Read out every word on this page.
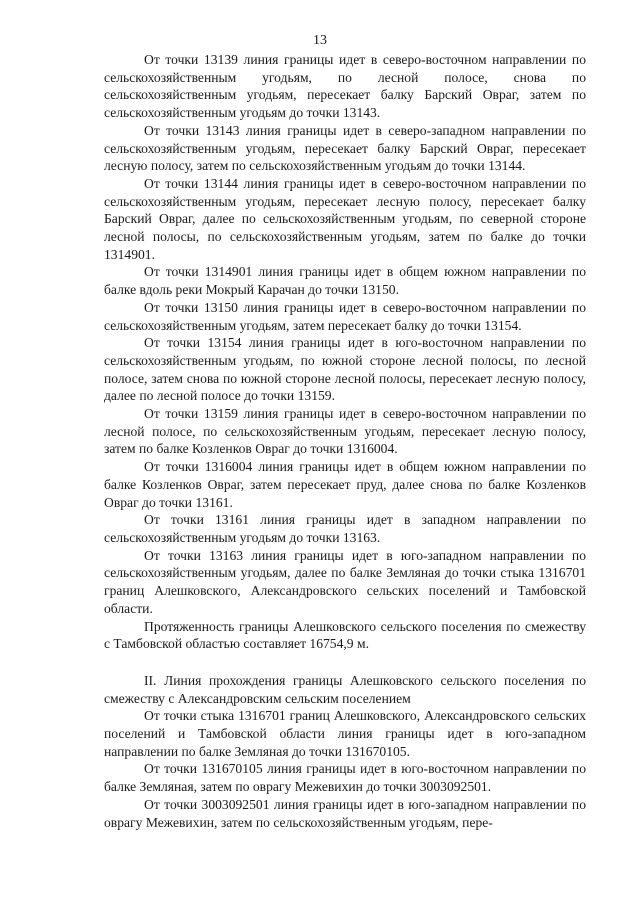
13

От точки 13139 линия границы идет в северо-восточном направлении по сельскохозяйственным угодьям, по лесной полосе, снова по сельскохозяйственным угодьям, пересекает балку Барский Овраг, затем по сельскохозяйственным угодьям до точки 13143.

От точки 13143 линия границы идет в северо-западном направлении по сельскохозяйственным угодьям, пересекает балку Барский Овраг, пересекает лесную полосу, затем по сельскохозяйственным угодьям до точки 13144.

От точки 13144 линия границы идет в северо-восточном направлении по сельскохозяйственным угодьям, пересекает лесную полосу, пересекает балку Барский Овраг, далее по сельскохозяйственным угодьям, по северной стороне лесной полосы, по сельскохозяйственным угодьям, затем по балке до точки 1314901.

От точки 1314901 линия границы идет в общем южном направлении по балке вдоль реки Мокрый Карачан до точки 13150.

От точки 13150 линия границы идет в северо-восточном направлении по сельскохозяйственным угодьям, затем пересекает балку до точки 13154.

От точки 13154 линия границы идет в юго-восточном направлении по сельскохозяйственным угодьям, по южной стороне лесной полосы, по лесной полосе, затем снова по южной стороне лесной полосы, пересекает лесную полосу, далее по лесной полосе до точки 13159.

От точки 13159 линия границы идет в северо-восточном направлении по лесной полосе, по сельскохозяйственным угодьям, пересекает лесную полосу, затем по балке Козленков Овраг до точки 1316004.

От точки 1316004 линия границы идет в общем южном направлении по балке Козленков Овраг, затем пересекает пруд, далее снова по балке Козленков Овраг до точки 13161.

От точки 13161 линия границы идет в западном направлении по сельскохозяйственным угодьям до точки 13163.

От точки 13163 линия границы идет в юго-западном направлении по сельскохозяйственным угодьям, далее по балке Земляная до точки стыка 1316701 границ Алешковского, Александровского сельских поселений и Тамбовской области.

Протяженность границы Алешковского сельского поселения по смежеству с Тамбовской областью составляет 16754,9 м.

II. Линия прохождения границы Алешковского сельского поселения по смежеству с Александровским сельским поселением

От точки стыка 1316701 границ Алешковского, Александровского сельских поселений и Тамбовской области линия границы идет в юго-западном направлении по балке Земляная до точки 131670105.

От точки 131670105 линия границы идет в юго-восточном направлении по балке Земляная, затем по оврагу Межевихин до точки 3003092501.

От точки 3003092501 линия границы идет в юго-западном направлении по оврагу Межевихин, затем по сельскохозяйственным угодьям, пере-
